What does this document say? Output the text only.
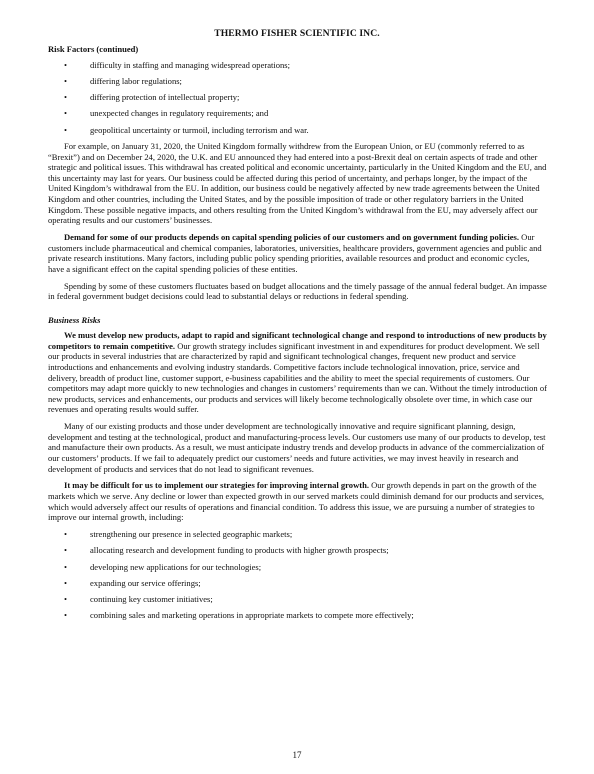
THERMO FISHER SCIENTIFIC INC.
Risk Factors (continued)
•	difficulty in staffing and managing widespread operations;
•	differing labor regulations;
•	differing protection of intellectual property;
•	unexpected changes in regulatory requirements; and
•	geopolitical uncertainty or turmoil, including terrorism and war.

For example, on January 31, 2020, the United Kingdom formally withdrew from the European Union, or EU (commonly referred to as “Brexit”) and on December 24, 2020, the U.K. and EU announced they had entered into a post-Brexit deal on certain aspects of trade and other strategic and political issues. This withdrawal has created political and economic uncertainty, particularly in the United Kingdom and the EU, and this uncertainty may last for years. Our business could be affected during this period of uncertainty, and perhaps longer, by the impact of the United Kingdom’s withdrawal from the EU. In addition, our business could be negatively affected by new trade agreements between the United Kingdom and other countries, including the United States, and by the possible imposition of trade or other regulatory barriers in the United Kingdom. These possible negative impacts, and others resulting from the United Kingdom’s withdrawal from the EU, may adversely affect our operating results and our customers’ businesses.

Demand for some of our products depends on capital spending policies of our customers and on government funding policies. Our customers include pharmaceutical and chemical companies, laboratories, universities, healthcare providers, government agencies and public and private research institutions. Many factors, including public policy spending priorities, available resources and product and economic cycles, have a significant effect on the capital spending policies of these entities.

Spending by some of these customers fluctuates based on budget allocations and the timely passage of the annual federal budget. An impasse in federal government budget decisions could lead to substantial delays or reductions in federal spending.

Business Risks

We must develop new products, adapt to rapid and significant technological change and respond to introductions of new products by competitors to remain competitive. Our growth strategy includes significant investment in and expenditures for product development. We sell our products in several industries that are characterized by rapid and significant technological changes, frequent new product and service introductions and enhancements and evolving industry standards. Competitive factors include technological innovation, price, service and delivery, breadth of product line, customer support, e-business capabilities and the ability to meet the special requirements of customers. Our competitors may adapt more quickly to new technologies and changes in customers’ requirements than we can. Without the timely introduction of new products, services and enhancements, our products and services will likely become technologically obsolete over time, in which case our revenues and operating results would suffer.

Many of our existing products and those under development are technologically innovative and require significant planning, design, development and testing at the technological, product and manufacturing-process levels. Our customers use many of our products to develop, test and manufacture their own products. As a result, we must anticipate industry trends and develop products in advance of the commercialization of our customers’ products. If we fail to adequately predict our customers’ needs and future activities, we may invest heavily in research and development of products and services that do not lead to significant revenues.

It may be difficult for us to implement our strategies for improving internal growth. Our growth depends in part on the growth of the markets which we serve. Any decline or lower than expected growth in our served markets could diminish demand for our products and services, which would adversely affect our results of operations and financial condition. To address this issue, we are pursuing a number of strategies to improve our internal growth, including:

•	strengthening our presence in selected geographic markets;
•	allocating research and development funding to products with higher growth prospects;
•	developing new applications for our technologies;
•	expanding our service offerings;
•	continuing key customer initiatives;
•	combining sales and marketing operations in appropriate markets to compete more effectively;
17
